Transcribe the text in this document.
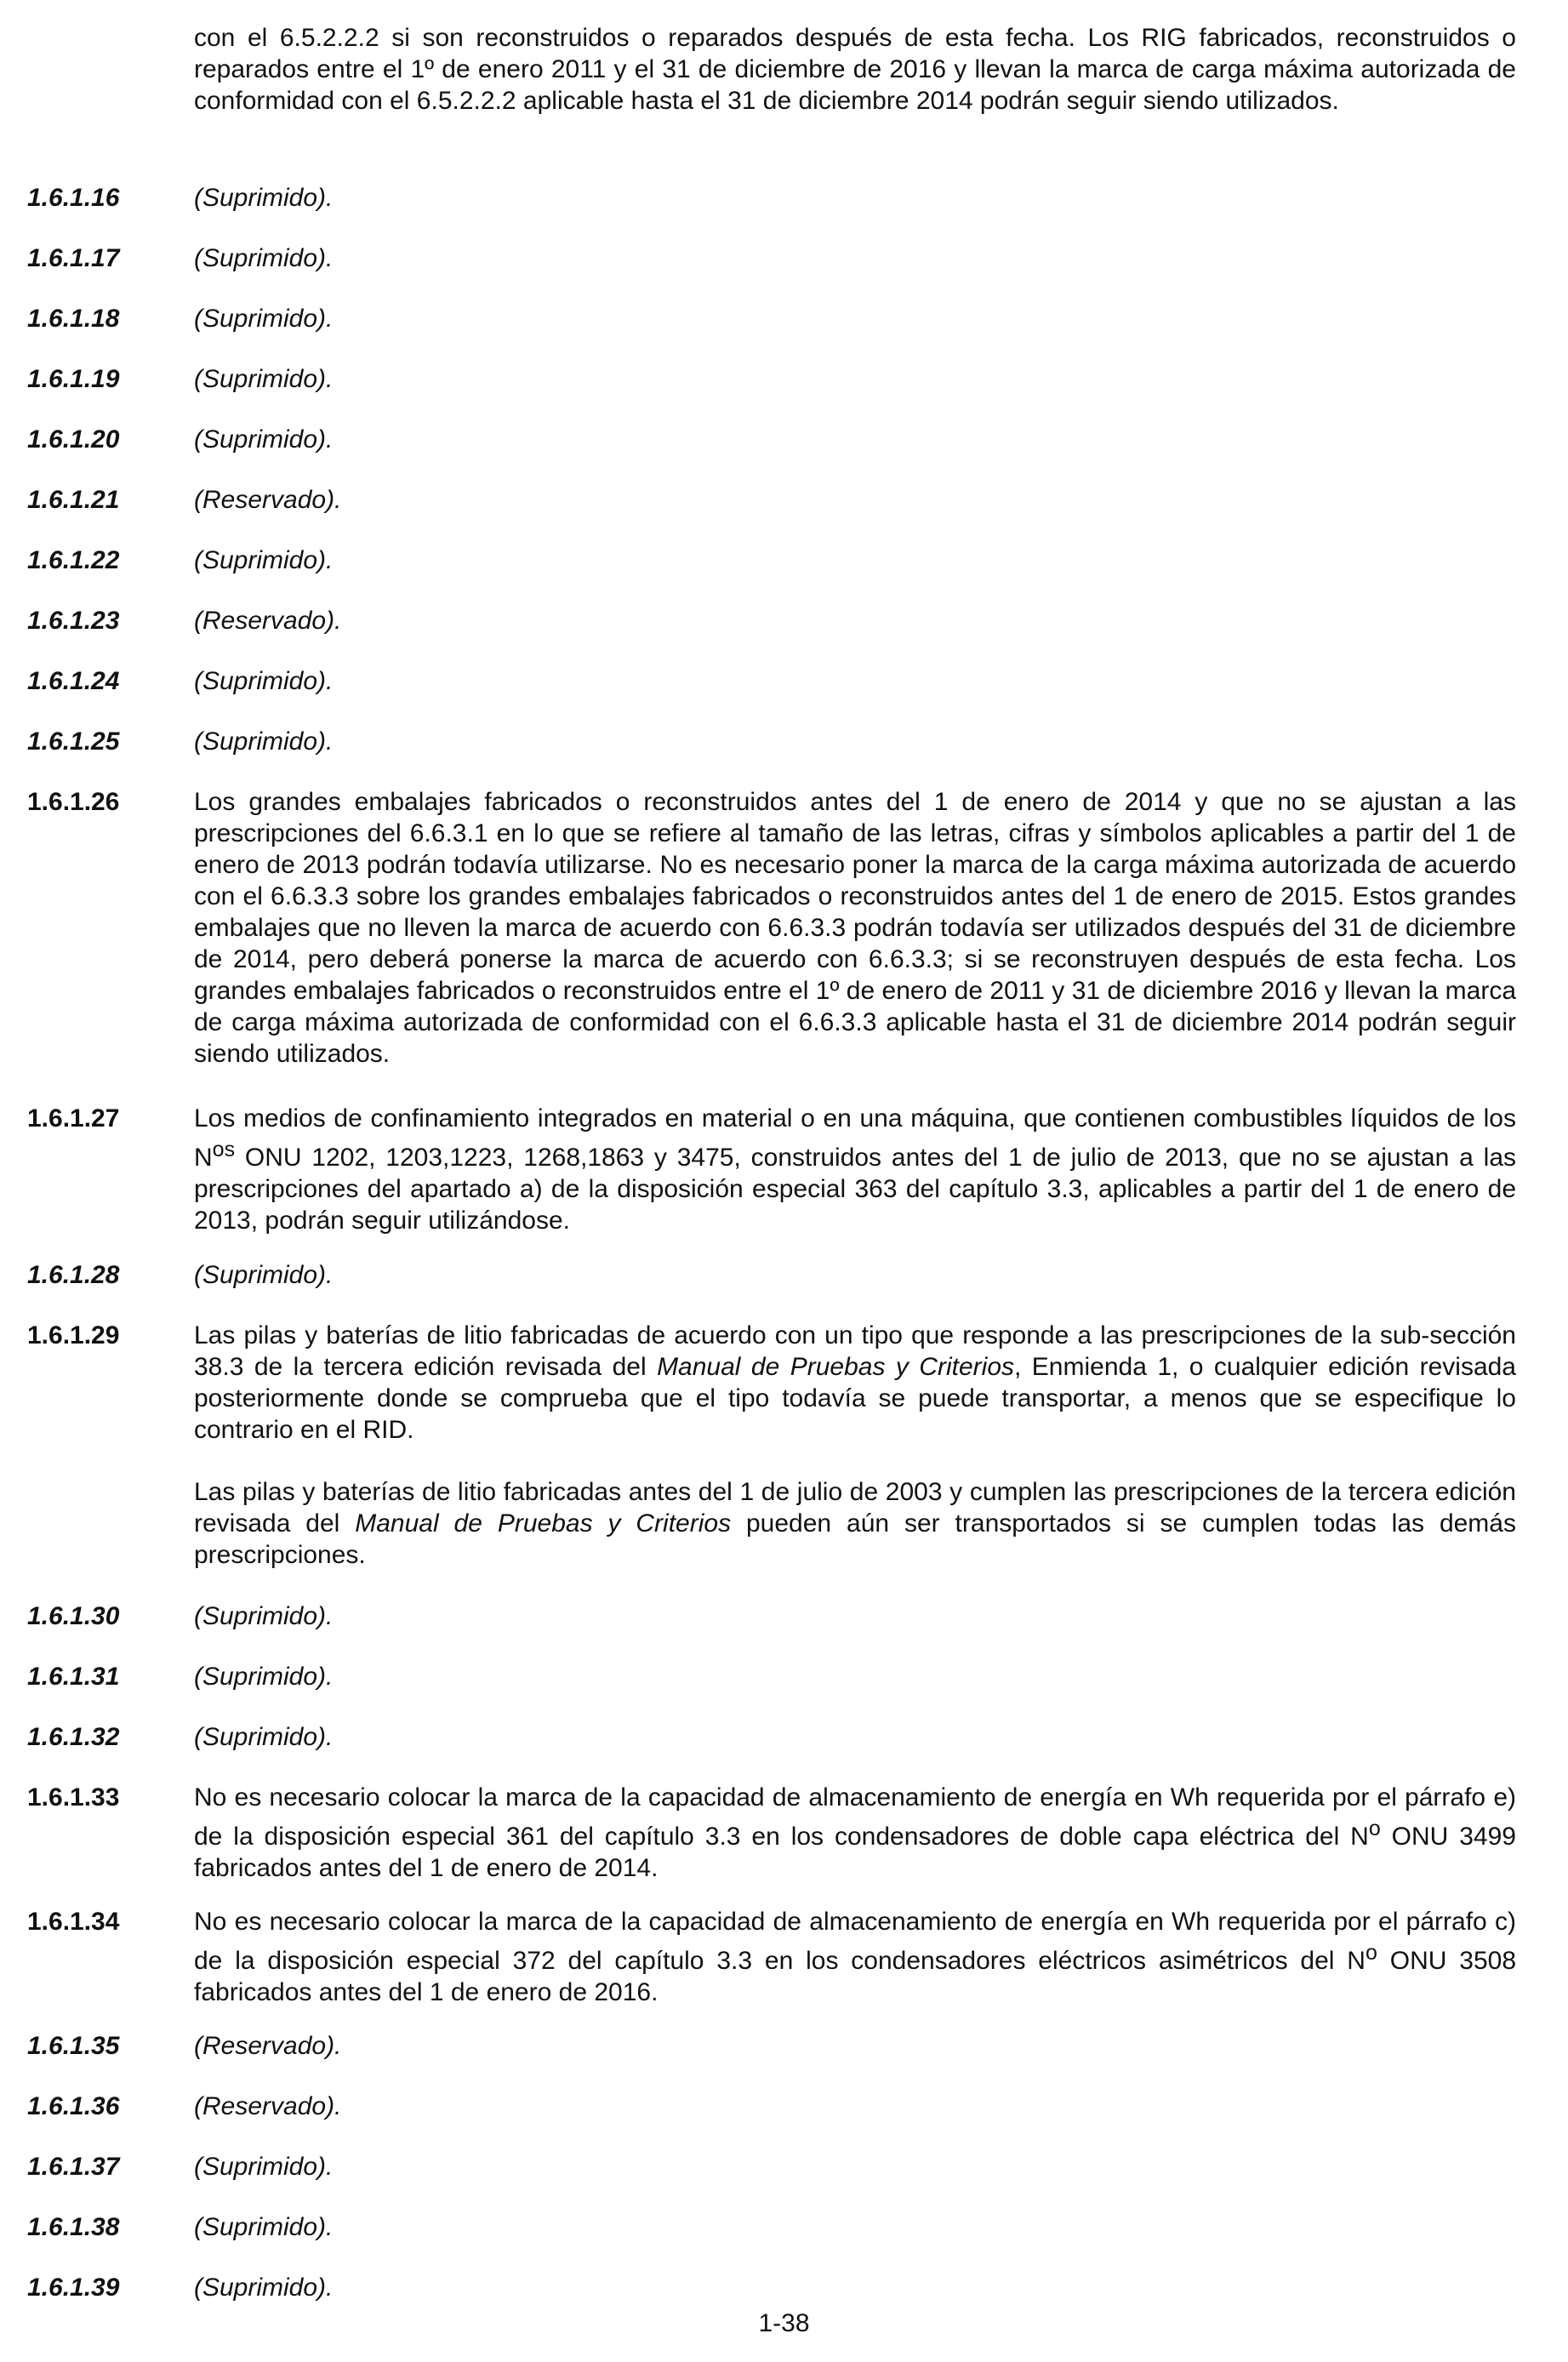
con el 6.5.2.2.2 si son reconstruidos o reparados después de esta fecha. Los RIG fabricados, reconstruidos o reparados entre el 1º de enero 2011 y el 31 de diciembre de 2016 y llevan la marca de carga máxima autorizada de conformidad con el 6.5.2.2.2 aplicable hasta el 31 de diciembre 2014 podrán seguir siendo utilizados.
1.6.1.16	(Suprimido).
1.6.1.17	(Suprimido).
1.6.1.18	(Suprimido).
1.6.1.19	(Suprimido).
1.6.1.20	(Suprimido).
1.6.1.21	(Reservado).
1.6.1.22	(Suprimido).
1.6.1.23	(Reservado).
1.6.1.24	(Suprimido).
1.6.1.25	(Suprimido).
1.6.1.26	Los grandes embalajes fabricados o reconstruidos antes del 1 de enero de 2014 y que no se ajustan a las prescripciones del 6.6.3.1 en lo que se refiere al tamaño de las letras, cifras y símbolos aplicables a partir del 1 de enero de 2013 podrán todavía utilizarse. No es necesario poner la marca de la carga máxima autorizada de acuerdo con el 6.6.3.3 sobre los grandes embalajes fabricados o reconstruidos antes del 1 de enero de 2015. Estos grandes embalajes que no lleven la marca de acuerdo con 6.6.3.3 podrán todavía ser utilizados después del 31 de diciembre de 2014, pero deberá ponerse la marca de acuerdo con 6.6.3.3; si se reconstruyen después de esta fecha. Los grandes embalajes fabricados o reconstruidos entre el 1º de enero de 2011 y 31 de diciembre 2016 y llevan la marca de carga máxima autorizada de conformidad con el 6.6.3.3 aplicable hasta el 31 de diciembre 2014 podrán seguir siendo utilizados.
1.6.1.27	Los medios de confinamiento integrados en material o en una máquina, que contienen combustibles líquidos de los $N^{os}$ ONU 1202, 1203,1223, 1268,1863 y 3475, construidos antes del 1 de julio de 2013, que no se ajustan a las prescripciones del apartado a) de la disposición especial 363 del capítulo 3.3, aplicables a partir del 1 de enero de 2013, podrán seguir utilizándose.
1.6.1.28	(Suprimido).
1.6.1.29	Las pilas y baterías de litio fabricadas de acuerdo con un tipo que responde a las prescripciones de la sub-sección 38.3 de la tercera edición revisada del Manual de Pruebas y Criterios, Enmienda 1, o cualquier edición revisada posteriormente donde se comprueba que el tipo todavía se puede transportar, a menos que se especifique lo contrario en el RID.

Las pilas y baterías de litio fabricadas antes del 1 de julio de 2003 y cumplen las prescripciones de la tercera edición revisada del Manual de Pruebas y Criterios pueden aún ser transportados si se cumplen todas las demás prescripciones.

1.6.1.30	(Suprimido).
1.6.1.31	(Suprimido).
1.6.1.32	(Suprimido).
1.6.1.33	No es necesario colocar la marca de la capacidad de almacenamiento de energía en Wh requerida por el párrafo e) de la disposición especial 361 del capítulo 3.3 en los condensadores de doble capa eléctrica del $N^o$ ONU 3499 fabricados antes del 1 de enero de 2014.
1.6.1.34	No es necesario colocar la marca de la capacidad de almacenamiento de energía en Wh requerida por el párrafo c) de la disposición especial 372 del capítulo 3.3 en los condensadores eléctricos asimétricos del $N^o$ ONU 3508 fabricados antes del 1 de enero de 2016.
1.6.1.35	(Reservado).
1.6.1.36	(Reservado).
1.6.1.37	(Suprimido).
1.6.1.38	(Suprimido).
1.6.1.39	(Suprimido).
1-38
